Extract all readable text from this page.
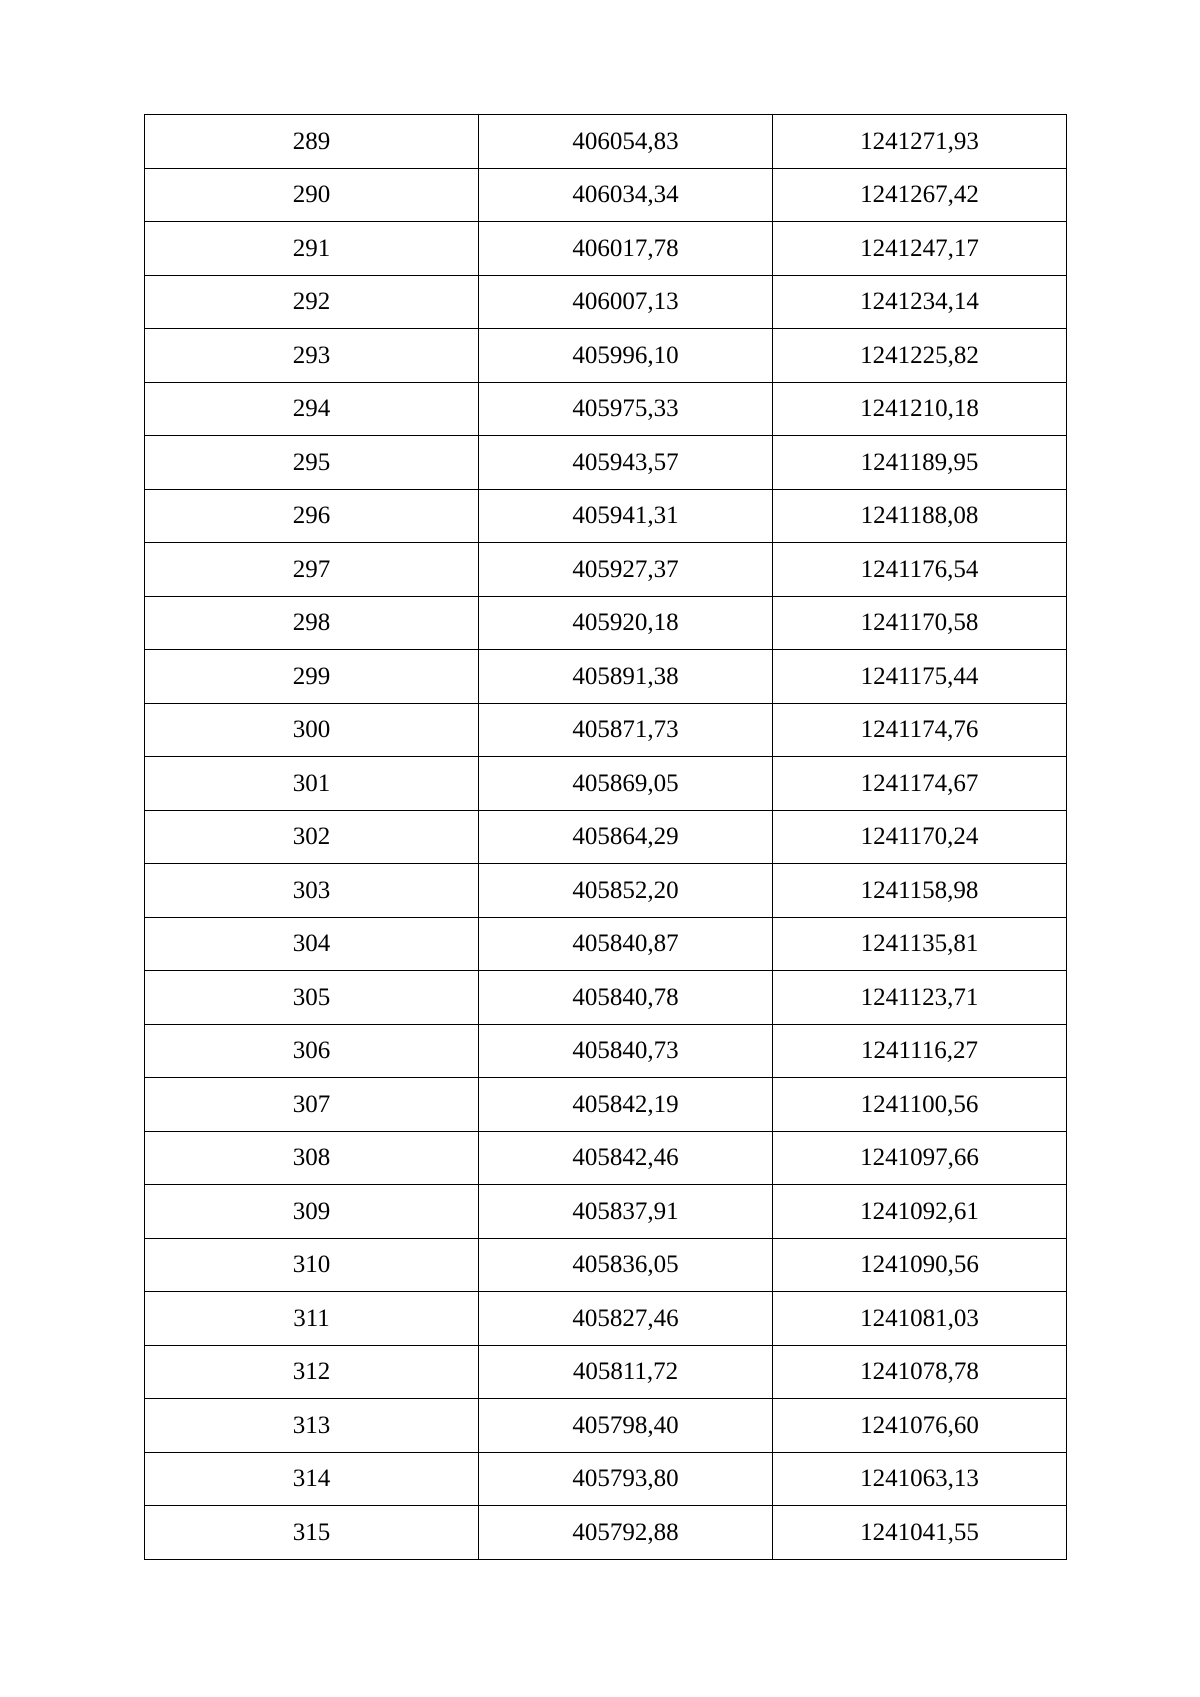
289	406054,83	1241271,93
290	406034,34	1241267,42
291	406017,78	1241247,17
292	406007,13	1241234,14
293	405996,10	1241225,82
294	405975,33	1241210,18
295	405943,57	1241189,95
296	405941,31	1241188,08
297	405927,37	1241176,54
298	405920,18	1241170,58
299	405891,38	1241175,44
300	405871,73	1241174,76
301	405869,05	1241174,67
302	405864,29	1241170,24
303	405852,20	1241158,98
304	405840,87	1241135,81
305	405840,78	1241123,71
306	405840,73	1241116,27
307	405842,19	1241100,56
308	405842,46	1241097,66
309	405837,91	1241092,61
310	405836,05	1241090,56
311	405827,46	1241081,03
312	405811,72	1241078,78
313	405798,40	1241076,60
314	405793,80	1241063,13
315	405792,88	1241041,55
